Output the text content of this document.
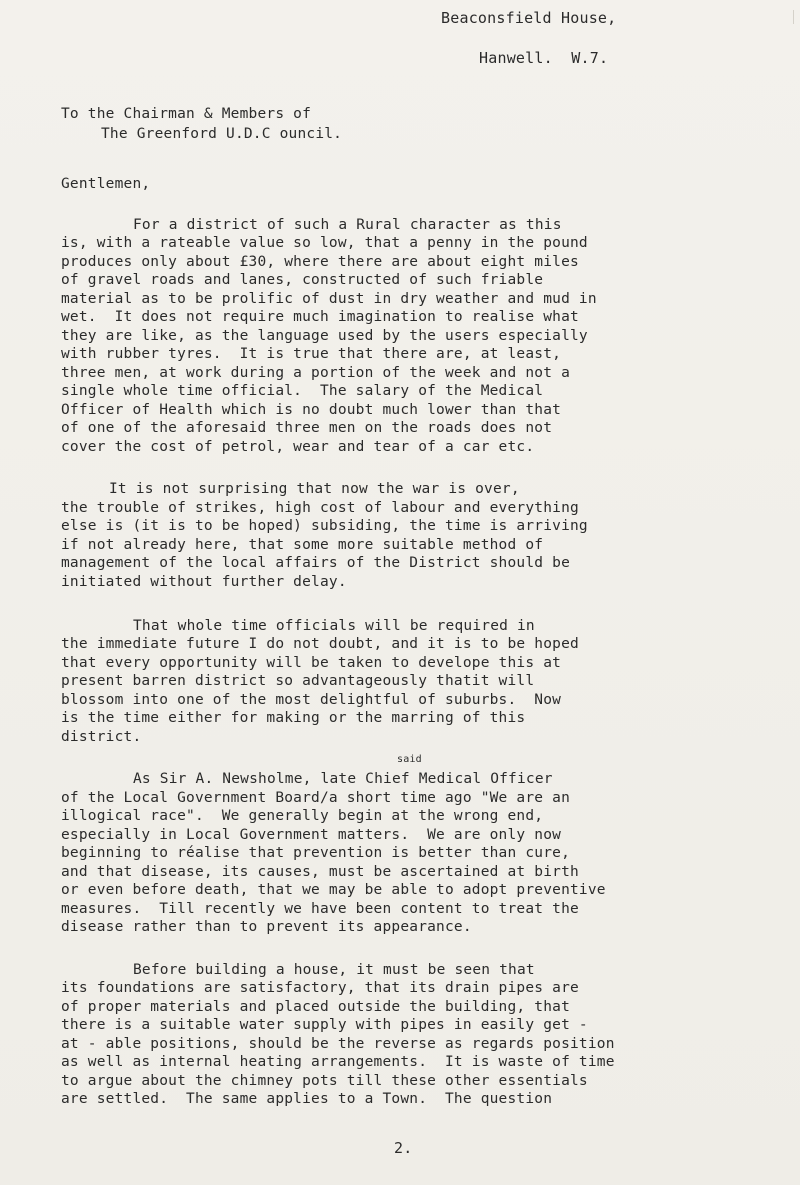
Beaconsfield House,
Hanwell.  W.7.
To the Chairman & Members of
The Greenford U.D.C ouncil.
Gentlemen,
For a district of such a Rural character as this
is, with a rateable value so low, that a penny in the pound
produces only about £30, where there are about eight miles
of gravel roads and lanes, constructed of such friable
material as to be prolific of dust in dry weather and mud in
wet.  It does not require much imagination to realise what
they are like, as the language used by the users especially
with rubber tyres.  It is true that there are, at least,
three men, at work during a portion of the week and not a
single whole time official.  The salary of the Medical
Officer of Health which is no doubt much lower than that
of one of the aforesaid three men on the roads does not
cover the cost of petrol, wear and tear of a car etc.
It is not surprising that now the war is over,
the trouble of strikes, high cost of labour and everything
else is (it is to be hoped) subsiding, the time is arriving
if not already here, that some more suitable method of
management of the local affairs of the District should be
initiated without further delay.
That whole time officials will be required in
the immediate future I do not doubt, and it is to be hoped
that every opportunity will be taken to develope this at
present barren district so advantageously thatit will
blossom into one of the most delightful of suburbs.  Now
is the time either for making or the marring of this
district.
said
As Sir A. Newsholme, late Chief Medical Officer
of the Local Government Board/a short time ago "We are an
illogical race".  We generally begin at the wrong end,
especially in Local Government matters.  We are only now
beginning to réalise that prevention is better than cure,
and that disease, its causes, must be ascertained at birth
or even before death, that we may be able to adopt preventive
measures.  Till recently we have been content to treat the
disease rather than to prevent its appearance.
Before building a house, it must be seen that
its foundations are satisfactory, that its drain pipes are
of proper materials and placed outside the building, that
there is a suitable water supply with pipes in easily get -
at - able positions, should be the reverse as regards position
as well as internal heating arrangements.  It is waste of time
to argue about the chimney pots till these other essentials
are settled.  The same applies to a Town.  The question
2.
